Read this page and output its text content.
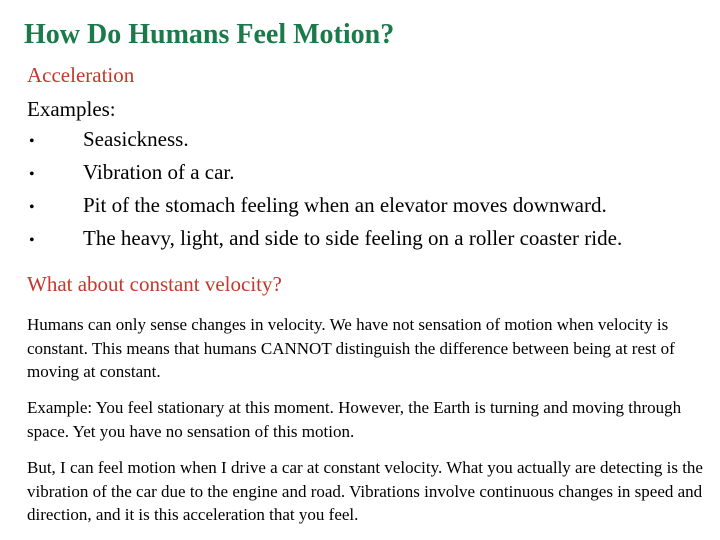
How Do Humans Feel Motion?
Acceleration
Examples:
•	Seasickness.
•	Vibration of a car.
•	Pit of the stomach feeling when an elevator moves downward.
•	The heavy, light, and side to side feeling on a roller coaster ride.
What about constant velocity?

Humans can only sense changes in velocity. We have not sensation of motion when velocity is constant. This means that humans CANNOT distinguish the difference between being at rest of moving at constant.

Example: You feel stationary at this moment. However, the Earth is turning and moving through space. Yet you have no sensation of this motion.

But, I can feel motion when I drive a car at constant velocity. What you actually are detecting is the vibration of the car due to the engine and road. Vibrations involve continuous changes in speed and direction, and it is this acceleration that you feel.
